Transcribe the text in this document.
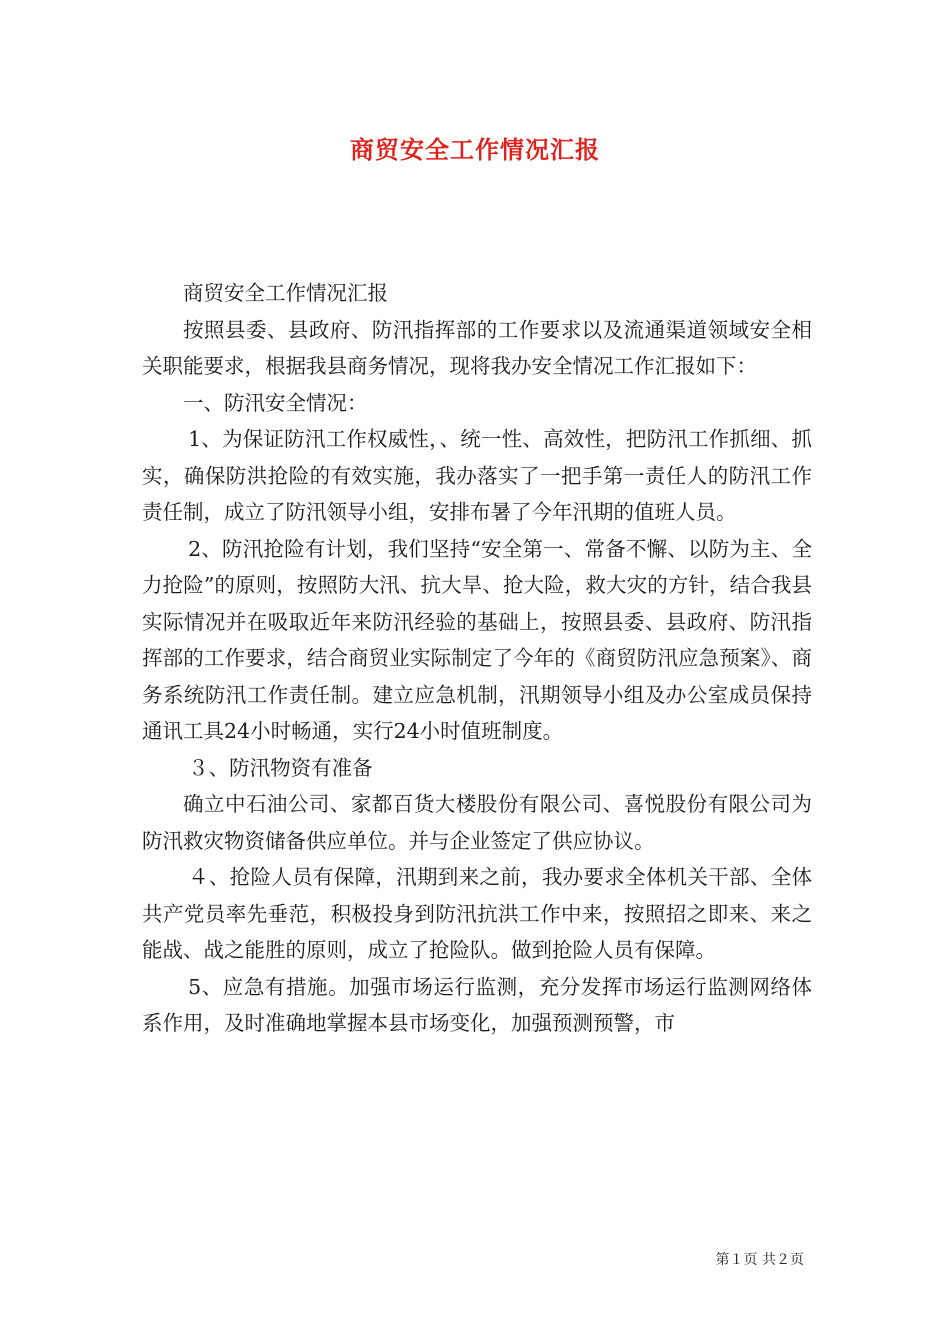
商贸安全工作情况汇报

商贸安全工作情况汇报

按照县委、县政府、防汛指挥部的工作要求以及流通渠道领域安全相关职能要求，根据我县商务情况，现将我办安全情况工作汇报如下：

一、防汛安全情况：

1、为保证防汛工作权威性，、统一性、高效性，把防汛工作抓细、抓实，确保防洪抢险的有效实施，我办落实了一把手第一责任人的防汛工作责任制，成立了防汛领导小组，安排布暑了今年汛期的值班人员。

2、防汛抢险有计划，我们坚持“安全第一、常备不懈、以防为主、全力抢险”的原则，按照防大汛、抗大旱、抢大险，救大灾的方针，结合我县实际情况并在吸取近年来防汛经验的基础上，按照县委、县政府、防汛指挥部的工作要求，结合商贸业实际制定了今年的《商贸防汛应急预案》、商务系统防汛工作责任制。建立应急机制，汛期领导小组及办公室成员保持通讯工具24小时畅通，实行24小时值班制度。

３、防汛物资有准备

确立中石油公司、家都百货大楼股份有限公司、喜悦股份有限公司为防汛救灾物资储备供应单位。并与企业签定了供应协议。

４、抢险人员有保障，汛期到来之前，我办要求全体机关干部、全体共产党员率先垂范，积极投身到防汛抗洪工作中来，按照招之即来、来之能战、战之能胜的原则，成立了抢险队。做到抢险人员有保障。

5、应急有措施。加强市场运行监测，充分发挥市场运行监测网络体系作用，及时准确地掌握本县市场变化，加强预测预警，市

第１页 共２页
